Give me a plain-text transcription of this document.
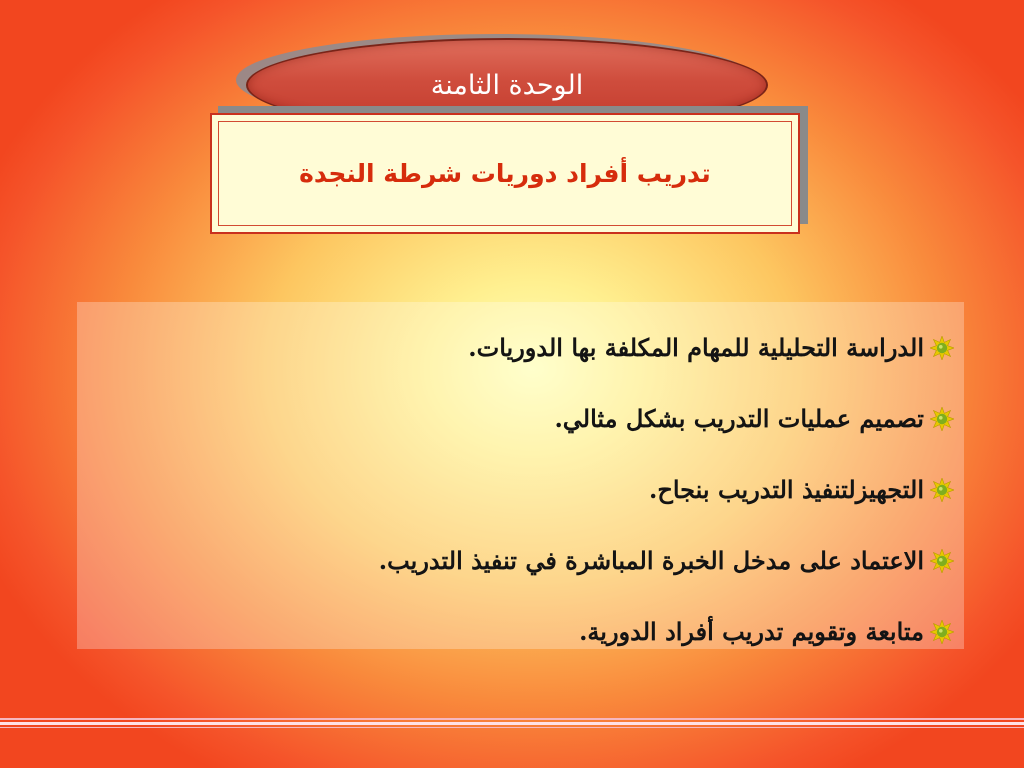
الوحدة الثامنة
تدريب أفراد دوريات شرطة النجدة
الدراسة التحليلية للمهام المكلفة بها الدوريات.
تصميم عمليات التدريب بشكل مثالي.
التجهيزلتنفيذ التدريب بنجاح.
الاعتماد على مدخل الخبرة المباشرة في تنفيذ التدريب.
متابعة وتقويم تدريب أفراد الدورية.
